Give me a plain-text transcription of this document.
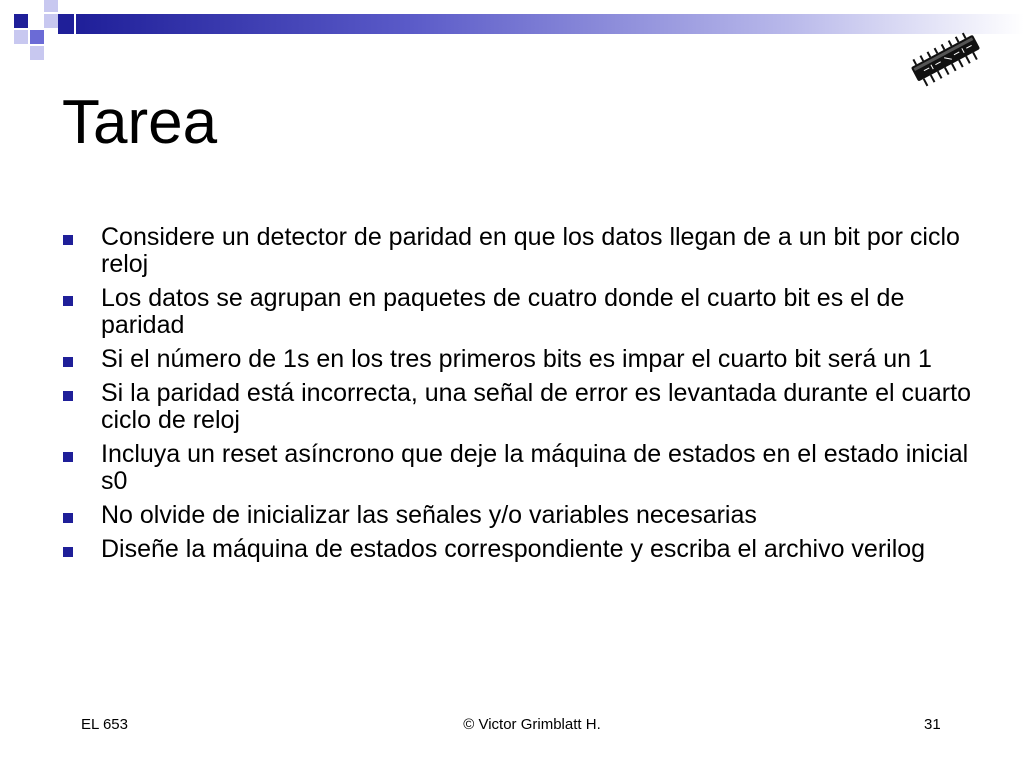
Tarea
Considere un detector de paridad en que los datos llegan de a un bit por ciclo reloj
Los datos se agrupan en paquetes de cuatro donde el cuarto bit es el de paridad
Si el número de 1s en los tres primeros bits es impar el cuarto bit será un 1
Si la paridad está incorrecta, una señal de error es levantada durante el cuarto ciclo de reloj
Incluya un reset asíncrono que deje la máquina de estados en el estado inicial s0
No olvide de inicializar las señales y/o variables necesarias
Diseñe la máquina de estados correspondiente y escriba el archivo verilog
EL 653	© Victor Grimblatt H.	31
